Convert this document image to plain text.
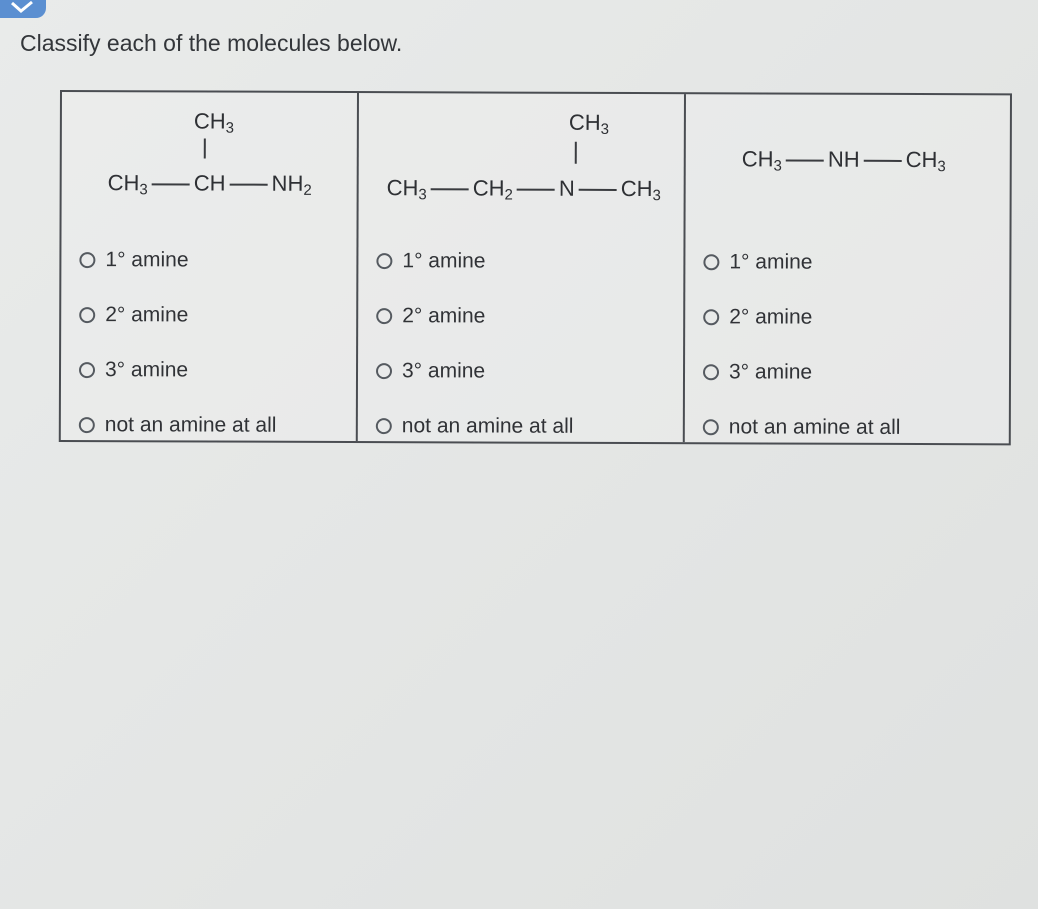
Classify each of the molecules below.
$CH_3$
$CH_3$ CH $NH_2$
1° amine
2° amine
3° amine
not an amine at all
$CH_3$
$CH_3$ $CH_2$ N $CH_3$
1° amine
2° amine
3° amine
not an amine at all
$CH_3$ NH $CH_3$
1° amine
2° amine
3° amine
not an amine at all
